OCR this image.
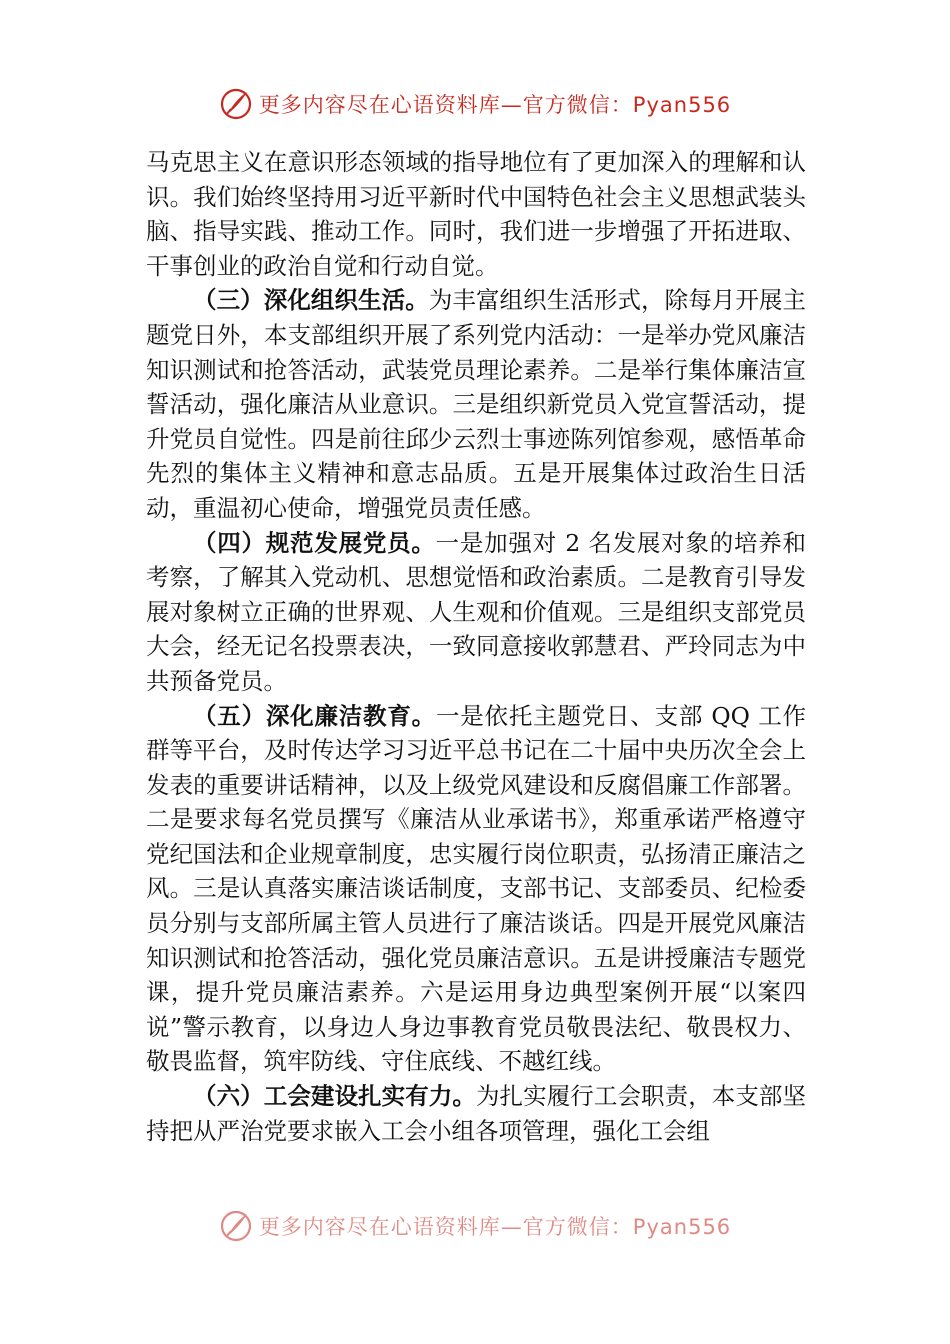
更多内容尽在心语资料库—官方微信：Pyan556

马克思主义在意识形态领域的指导地位有了更加深入的理解和认识。我们始终坚持用习近平新时代中国特色社会主义思想武装头脑、指导实践、推动工作。同时，我们进一步增强了开拓进取、干事创业的政治自觉和行动自觉。

（三）深化组织生活。为丰富组织生活形式，除每月开展主题党日外，本支部组织开展了系列党内活动：一是举办党风廉洁知识测试和抢答活动，武装党员理论素养。二是举行集体廉洁宣誓活动，强化廉洁从业意识。三是组织新党员入党宣誓活动，提升党员自觉性。四是前往邱少云烈士事迹陈列馆参观，感悟革命先烈的集体主义精神和意志品质。五是开展集体过政治生日活动，重温初心使命，增强党员责任感。

（四）规范发展党员。一是加强对 2 名发展对象的培养和考察，了解其入党动机、思想觉悟和政治素质。二是教育引导发展对象树立正确的世界观、人生观和价值观。三是组织支部党员大会，经无记名投票表决，一致同意接收郭慧君、严玲同志为中共预备党员。

（五）深化廉洁教育。一是依托主题党日、支部 QQ 工作群等平台，及时传达学习习近平总书记在二十届中央历次全会上发表的重要讲话精神，以及上级党风建设和反腐倡廉工作部署。二是要求每名党员撰写《廉洁从业承诺书》，郑重承诺严格遵守党纪国法和企业规章制度，忠实履行岗位职责，弘扬清正廉洁之风。三是认真落实廉洁谈话制度，支部书记、支部委员、纪检委员分别与支部所属主管人员进行了廉洁谈话。四是开展党风廉洁知识测试和抢答活动，强化党员廉洁意识。五是讲授廉洁专题党课，提升党员廉洁素养。六是运用身边典型案例开展“以案四说”警示教育，以身边人身边事教育党员敬畏法纪、敬畏权力、敬畏监督，筑牢防线、守住底线、不越红线。

（六）工会建设扎实有力。为扎实履行工会职责，本支部坚持把从严治党要求嵌入工会小组各项管理，强化工会组

更多内容尽在心语资料库—官方微信：Pyan556
